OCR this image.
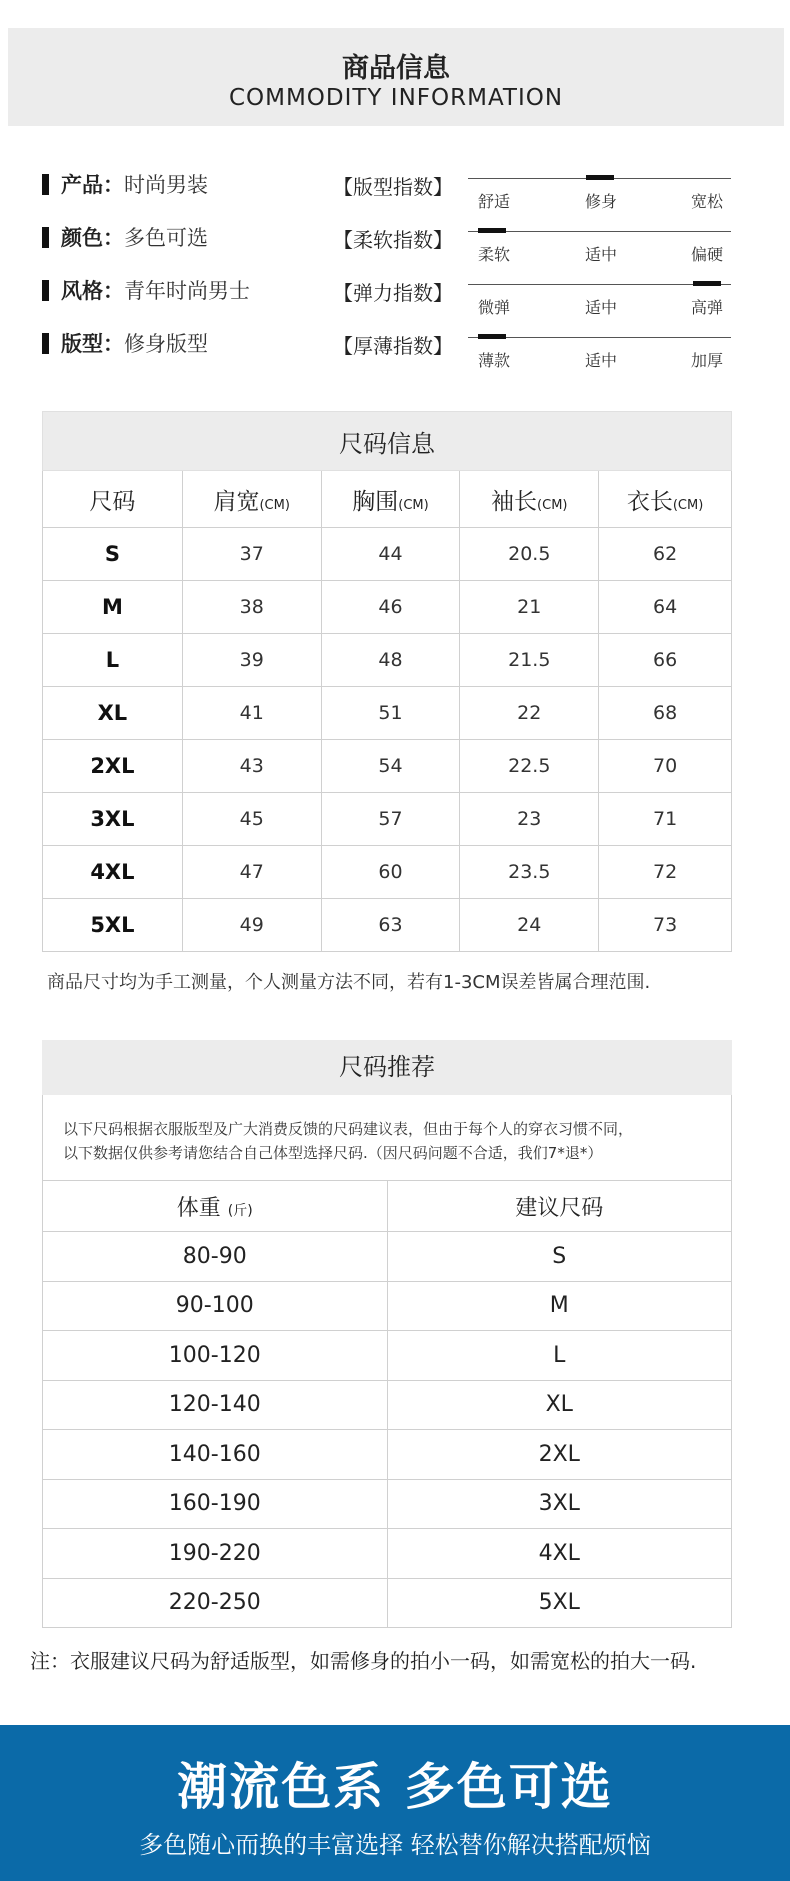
商品信息
COMMODITY INFORMATION
产品：时尚男装
颜色：多色可选
风格：青年时尚男士
版型：修身版型
【版型指数】
【柔软指数】
【弹力指数】
【厚薄指数】
舒适	修身	宽松
柔软	适中	偏硬
微弹	适中	高弹
薄款	适中	加厚
尺码信息				
尺码	肩宽(CM)	胸围(CM)	袖长(CM)	衣长(CM)
S	37	44	20.5	62
M	38	46	21	64
L	39	48	21.5	66
XL	41	51	22	68
2XL	43	54	22.5	70
3XL	45	57	23	71
4XL	47	60	23.5	72
5XL	49	63	24	73
商品尺寸均为手工测量，个人测量方法不同，若有1-3CM误差皆属合理范围.
尺码推荐
以下尺码根据衣服版型及广大消费反馈的尺码建议表，但由于每个人的穿衣习惯不同，
以下数据仅供参考请您结合自己体型选择尺码.（因尺码问题不合适，我们7*退*）
体重 (斤)	建议尺码
80-90	S
90-100	M
100-120	L
120-140	XL
140-160	2XL
160-190	3XL
190-220	4XL
220-250	5XL
注：衣服建议尺码为舒适版型，如需修身的拍小一码，如需宽松的拍大一码.
潮流色系 多色可选
多色随心而换的丰富选择 轻松替你解决搭配烦恼
